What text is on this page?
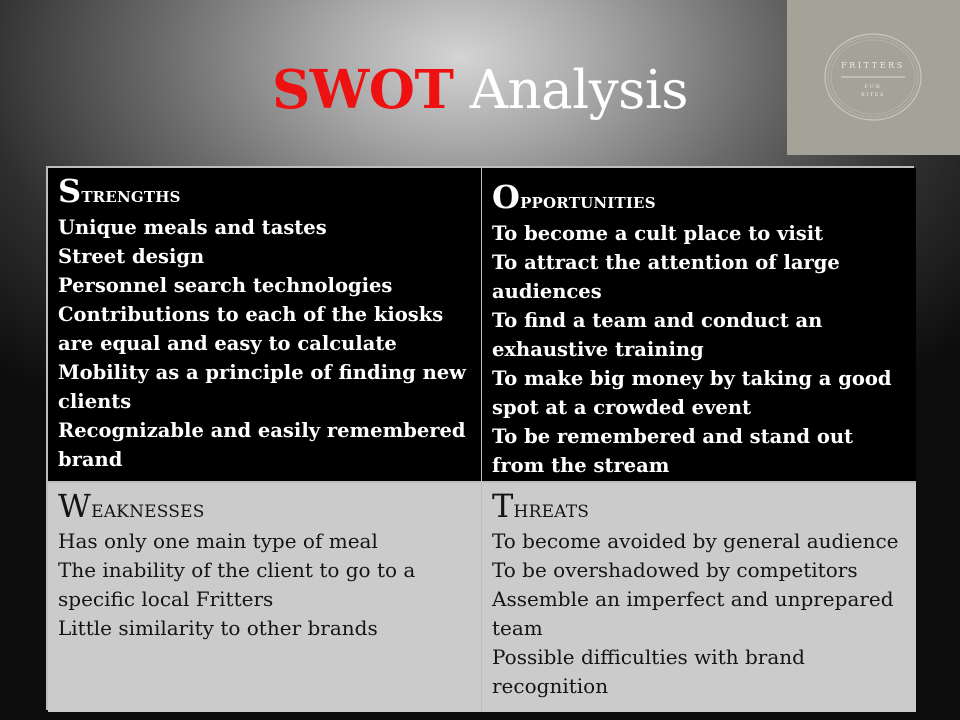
SWOT Analysis	FRITTERS
FUN
BITES
Strengths
Unique meals and tastes
Street design
Personnel search technologies
Contributions to each of the kiosks are equal and easy to calculate
Mobility as a principle of finding new clients
Recognizable and easily remembered brand
Opportunities
To become a cult place to visit
To attract the attention of large audiences
To find a team and conduct an exhaustive training
To make big money by taking a good spot at a crowded event
To be remembered and stand out from the stream
Weaknesses
Has only one main type of meal
The inability of the client to go to a specific local Fritters
Little similarity to other brands
Threats
To become avoided by general audience
To be overshadowed by competitors
Assemble an imperfect and unprepared team
Possible difficulties with brand recognition
